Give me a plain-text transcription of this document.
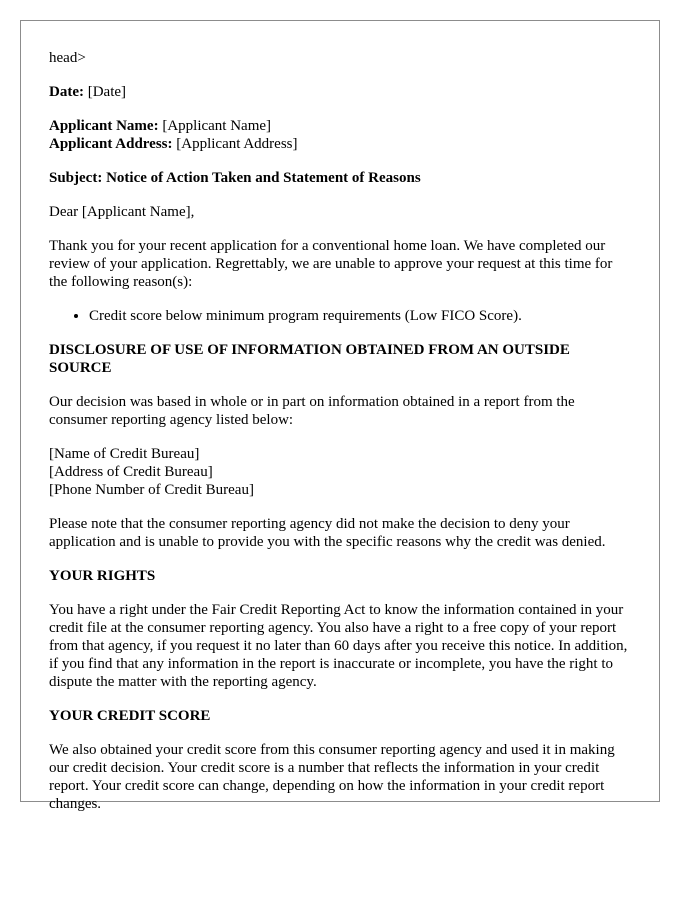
head>

Date: [Date]

Applicant Name: [Applicant Name]
Applicant Address: [Applicant Address]

Subject: Notice of Action Taken and Statement of Reasons

Dear [Applicant Name],

Thank you for your recent application for a conventional home loan. We have completed our review of your application. Regrettably, we are unable to approve your request at this time for the following reason(s):

• Credit score below minimum program requirements (Low FICO Score).

DISCLOSURE OF USE OF INFORMATION OBTAINED FROM AN OUTSIDE SOURCE

Our decision was based in whole or in part on information obtained in a report from the consumer reporting agency listed below:

[Name of Credit Bureau]
[Address of Credit Bureau]
[Phone Number of Credit Bureau]

Please note that the consumer reporting agency did not make the decision to deny your application and is unable to provide you with the specific reasons why the credit was denied.

YOUR RIGHTS

You have a right under the Fair Credit Reporting Act to know the information contained in your credit file at the consumer reporting agency. You also have a right to a free copy of your report from that agency, if you request it no later than 60 days after you receive this notice. In addition, if you find that any information in the report is inaccurate or incomplete, you have the right to dispute the matter with the reporting agency.

YOUR CREDIT SCORE

We also obtained your credit score from this consumer reporting agency and used it in making our credit decision. Your credit score is a number that reflects the information in your credit report. Your credit score can change, depending on how the information in your credit report changes.
